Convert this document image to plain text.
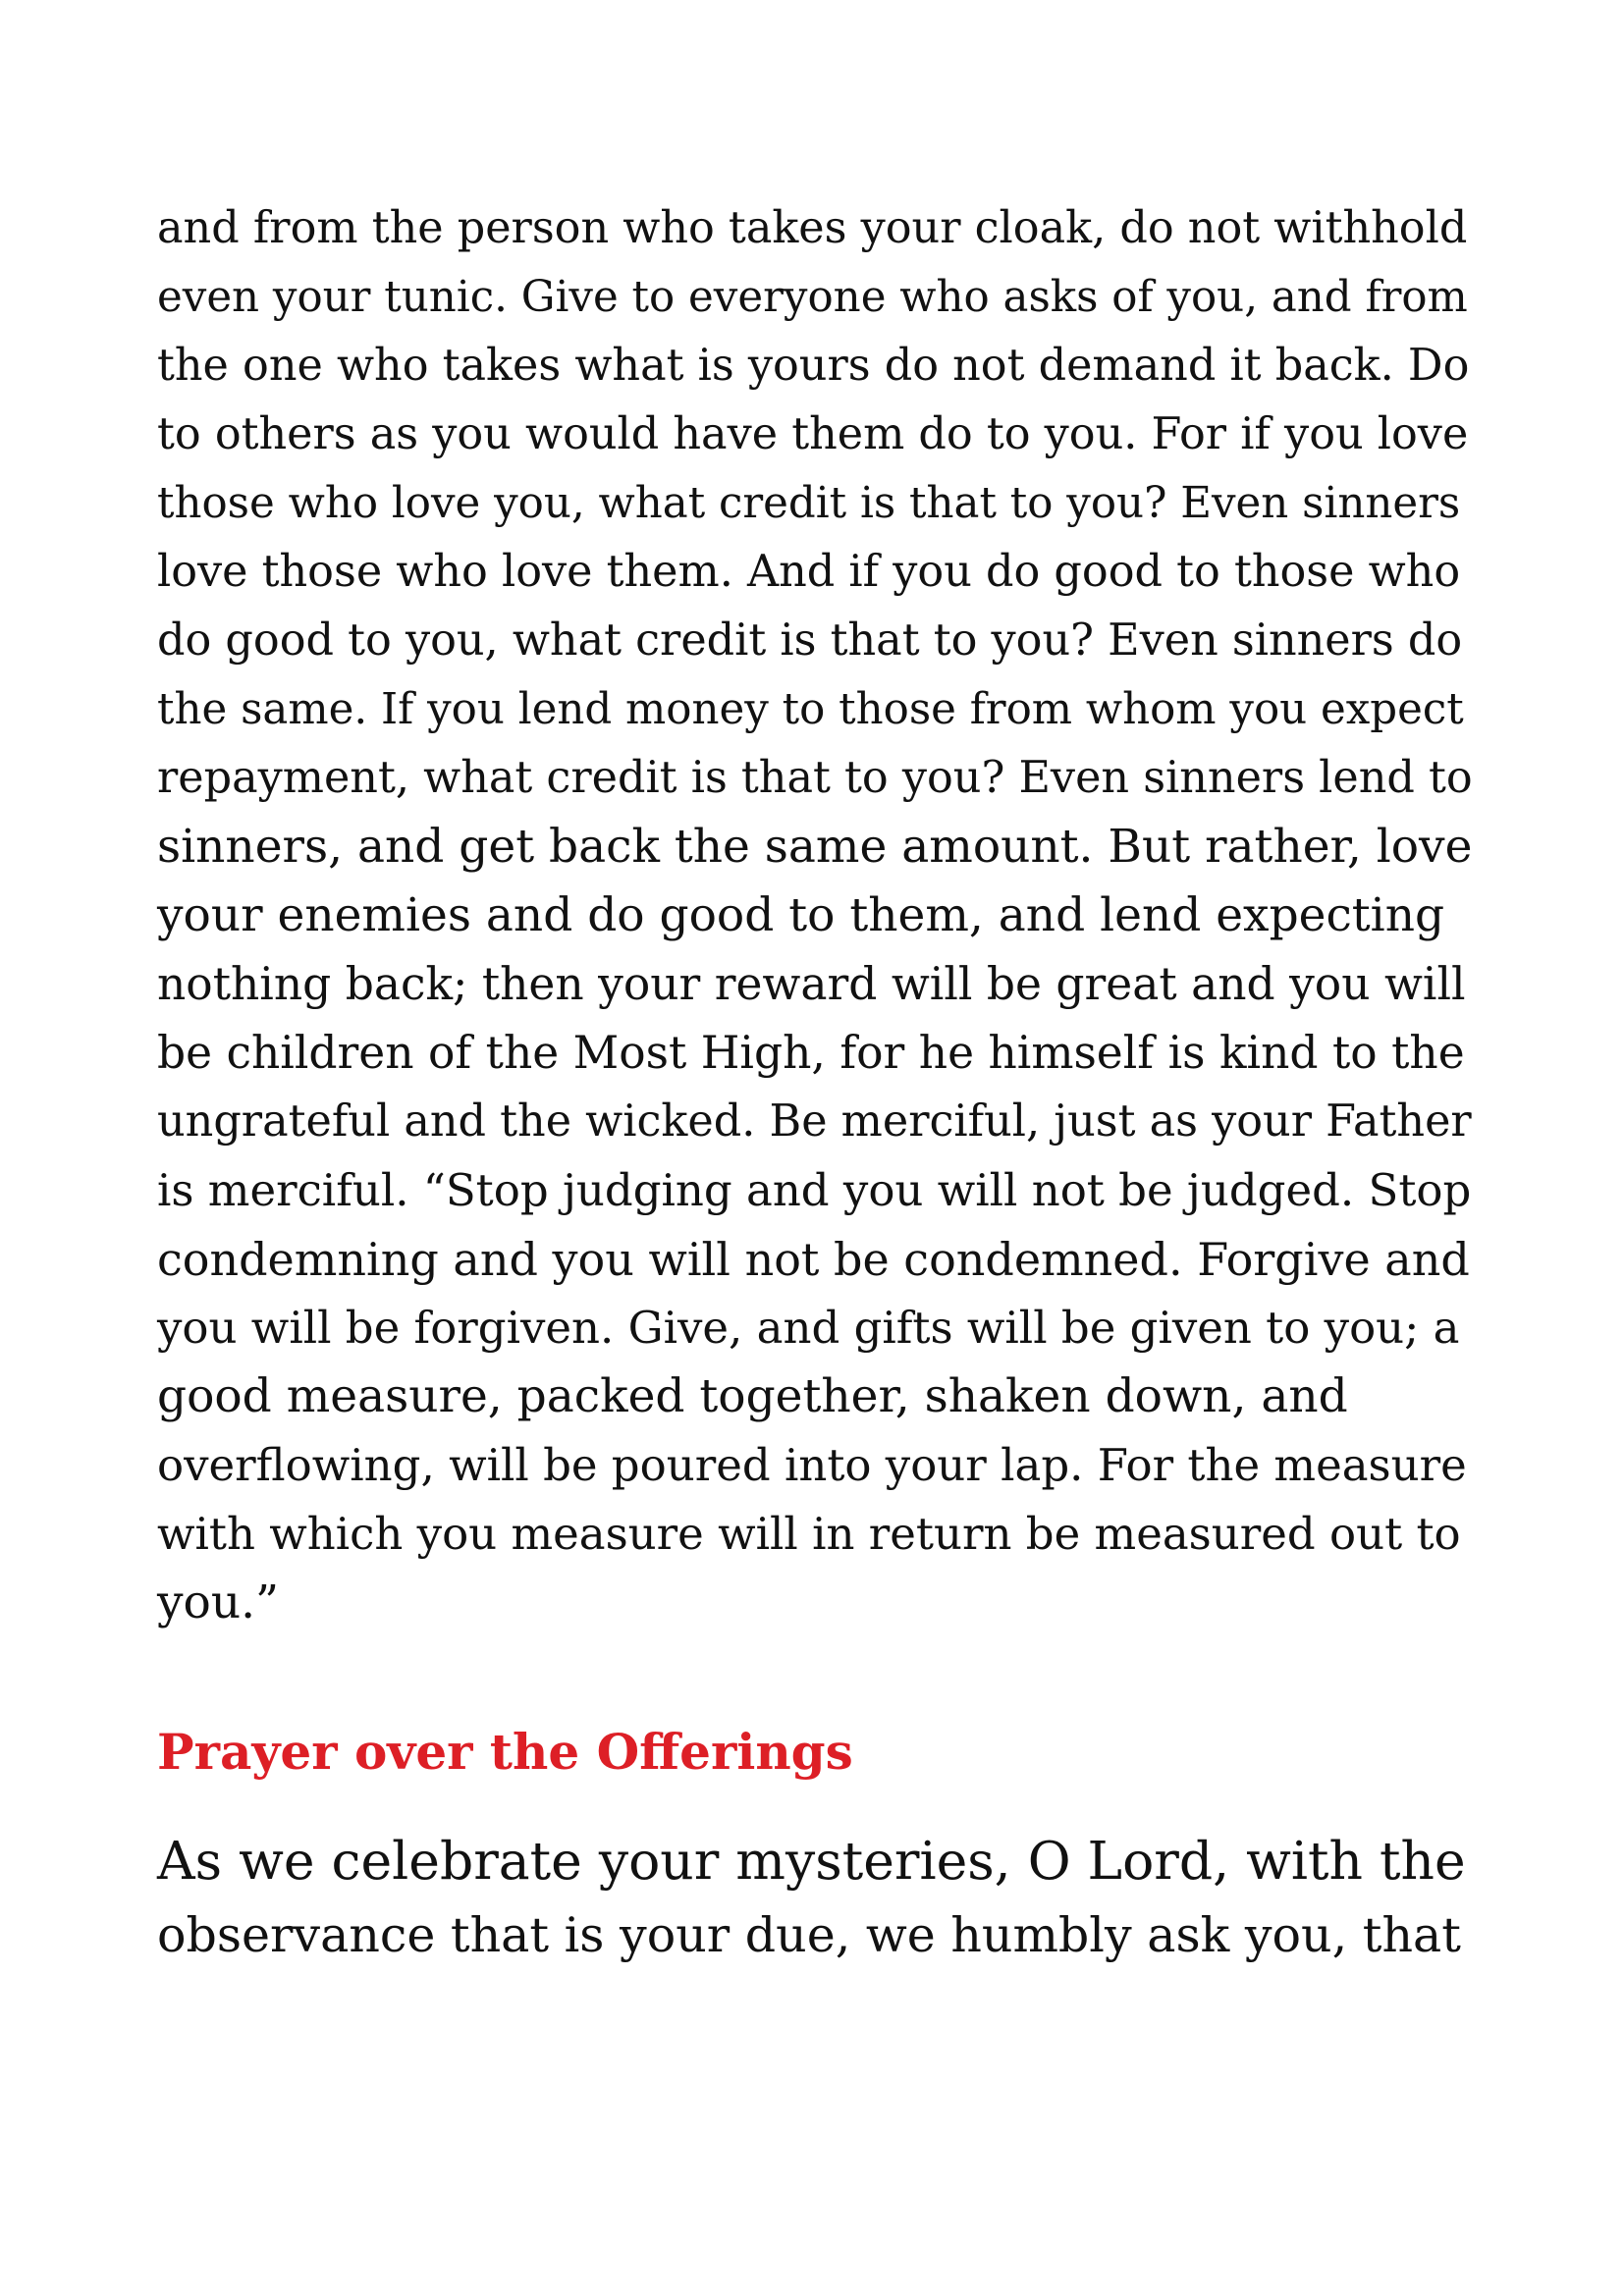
and from the person who takes your cloak, do not withhold
even your tunic. Give to everyone who asks of you, and from
the one who takes what is yours do not demand it back. Do
to others as you would have them do to you. For if you love
those who love you, what credit is that to you? Even sinners
love those who love them. And if you do good to those who
do good to you, what credit is that to you? Even sinners do
the same. If you lend money to those from whom you expect
repayment, what credit is that to you? Even sinners lend to
sinners, and get back the same amount. But rather, love
your enemies and do good to them, and lend expecting
nothing back; then your reward will be great and you will
be children of the Most High, for he himself is kind to the
ungrateful and the wicked. Be merciful, just as your Father
is merciful. “Stop judging and you will not be judged. Stop
condemning and you will not be condemned. Forgive and
you will be forgiven. Give, and gifts will be given to you; a
good measure, packed together, shaken down, and
overflowing, will be poured into your lap. For the measure
with which you measure will in return be measured out to
you.”
Prayer over the Offerings
As we celebrate your mysteries, O Lord, with the
observance that is your due, we humbly ask you, that
